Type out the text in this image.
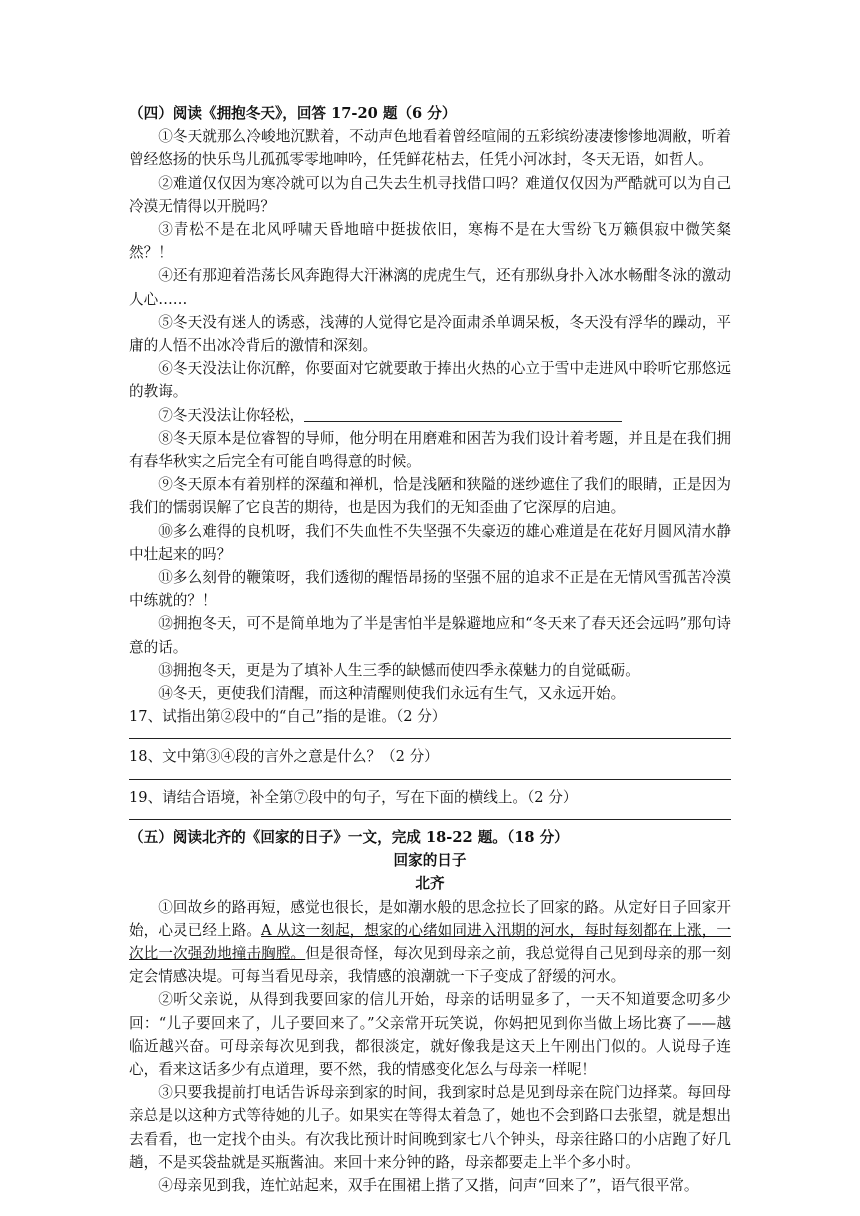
（四）阅读《拥抱冬天》，回答 17-20 题（6 分）

①冬天就那么冷峻地沉默着，不动声色地看着曾经喧闹的五彩缤纷凄凄惨惨地凋敝，听着曾经悠扬的快乐鸟儿孤孤零零地呻吟，任凭鲜花枯去，任凭小河冰封，冬天无语，如哲人。

②难道仅仅因为寒冷就可以为自己失去生机寻找借口吗？难道仅仅因为严酷就可以为自己冷漠无情得以开脱吗？

③青松不是在北风呼啸天昏地暗中挺拔依旧，寒梅不是在大雪纷飞万籁俱寂中微笑粲然？！

④还有那迎着浩荡长风奔跑得大汗淋漓的虎虎生气，还有那纵身扑入冰水畅酣冬泳的激动人心……

⑤冬天没有迷人的诱惑，浅薄的人觉得它是冷面肃杀单调呆板，冬天没有浮华的躁动，平庸的人悟不出冰冷背后的激情和深刻。

⑥冬天没法让你沉醉，你要面对它就要敢于捧出火热的心立于雪中走进风中聆听它那悠远的教诲。

⑦冬天没法让你轻松，

⑧冬天原本是位睿智的导师，他分明在用磨难和困苦为我们设计着考题，并且是在我们拥有春华秋实之后完全有可能自鸣得意的时候。

⑨冬天原本有着别样的深蕴和禅机，恰是浅陋和狭隘的迷纱遮住了我们的眼睛，正是因为我们的懦弱误解了它良苦的期待，也是因为我们的无知歪曲了它深厚的启迪。

⑩多么难得的良机呀，我们不失血性不失坚强不失豪迈的雄心难道是在花好月圆风清水静中壮起来的吗？

⑪多么刻骨的鞭策呀，我们透彻的醒悟昂扬的坚强不屈的追求不正是在无情风雪孤苦冷漠中练就的？！

⑫拥抱冬天，可不是简单地为了半是害怕半是躲避地应和“冬天来了春天还会远吗”那句诗意的话。

⑬拥抱冬天，更是为了填补人生三季的缺憾而使四季永葆魅力的自觉砥砺。

⑭冬天，更使我们清醒，而这种清醒则使我们永远有生气，又永远开始。

17、试指出第②段中的“自己”指的是谁。（2 分）

18、文中第③④段的言外之意是什么？（2 分）

19、请结合语境，补全第⑦段中的句子，写在下面的横线上。（2 分）

（五）阅读北齐的《回家的日子》一文，完成 18-22 题。（18 分）

回家的日子

北齐

①回故乡的路再短，感觉也很长，是如潮水般的思念拉长了回家的路。从定好日子回家开始，心灵已经上路。A 从这一刻起，想家的心绪如同进入汛期的河水，每时每刻都在上涨，一次比一次强劲地撞击胸膛。但是很奇怪，每次见到母亲之前，我总觉得自己见到母亲的那一刻定会情感决堤。可每当看见母亲，我情感的浪潮就一下子变成了舒缓的河水。

②听父亲说，从得到我要回家的信儿开始，母亲的话明显多了，一天不知道要念叨多少回：“儿子要回来了，儿子要回来了。”父亲常开玩笑说，你妈把见到你当做上场比赛了——越临近越兴奋。可母亲每次见到我，都很淡定，就好像我是这天上午刚出门似的。人说母子连心，看来这话多少有点道理，要不然，我的情感变化怎么与母亲一样呢！

③只要我提前打电话告诉母亲到家的时间，我到家时总是见到母亲在院门边择菜。每回母亲总是以这种方式等待她的儿子。如果实在等得太着急了，她也不会到路口去张望，就是想出去看看，也一定找个由头。有次我比预计时间晚到家七八个钟头，母亲往路口的小店跑了好几趟，不是买袋盐就是买瓶酱油。来回十来分钟的路，母亲都要走上半个多小时。

④母亲见到我，连忙站起来，双手在围裙上揩了又揩，问声“回来了”，语气很平常。
